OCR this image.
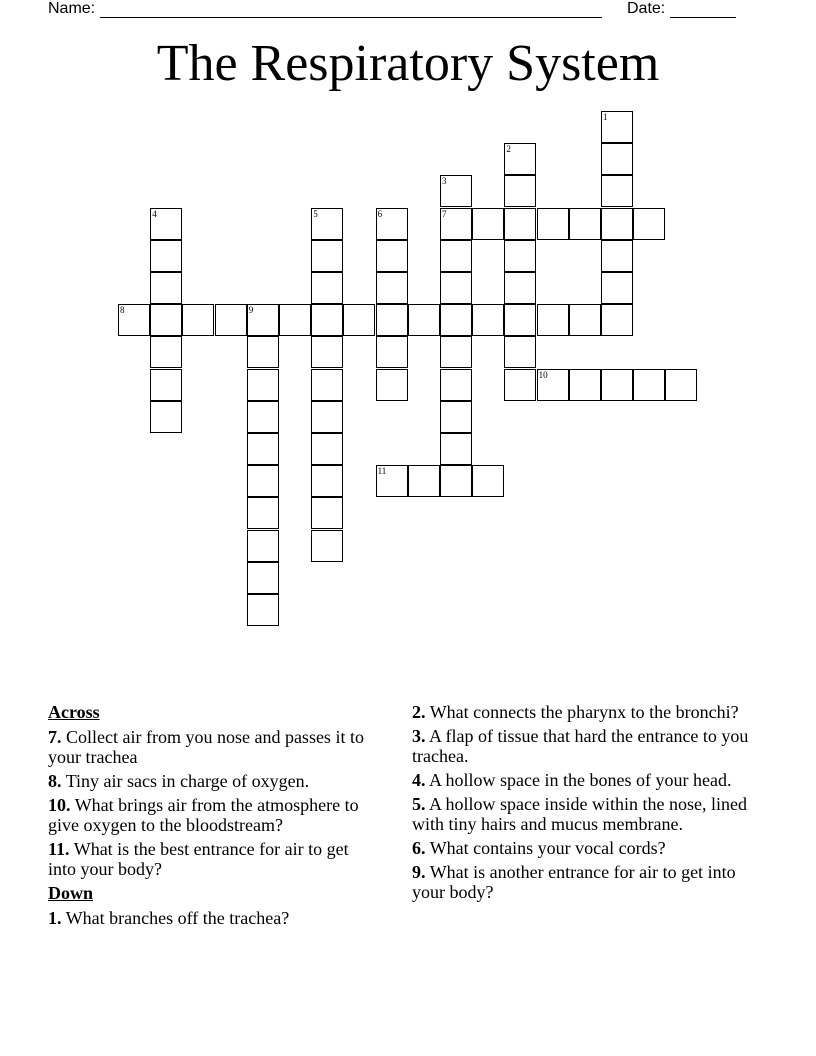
Name:	Date:
The Respiratory System
1
2
3
4	5	6	7
8	9
10
11
Across
7. Collect air from you nose and passes it to your trachea
8. Tiny air sacs in charge of oxygen.
10. What brings air from the atmosphere to give oxygen to the bloodstream?
11. What is the best entrance for air to get into your body?
Down
1. What branches off the trachea?
2. What connects the pharynx to the bronchi?
3. A flap of tissue that hard the entrance to you trachea.
4. A hollow space in the bones of your head.
5. A hollow space inside within the nose, lined with tiny hairs and mucus membrane.
6. What contains your vocal cords?
9. What is another entrance for air to get into your body?
